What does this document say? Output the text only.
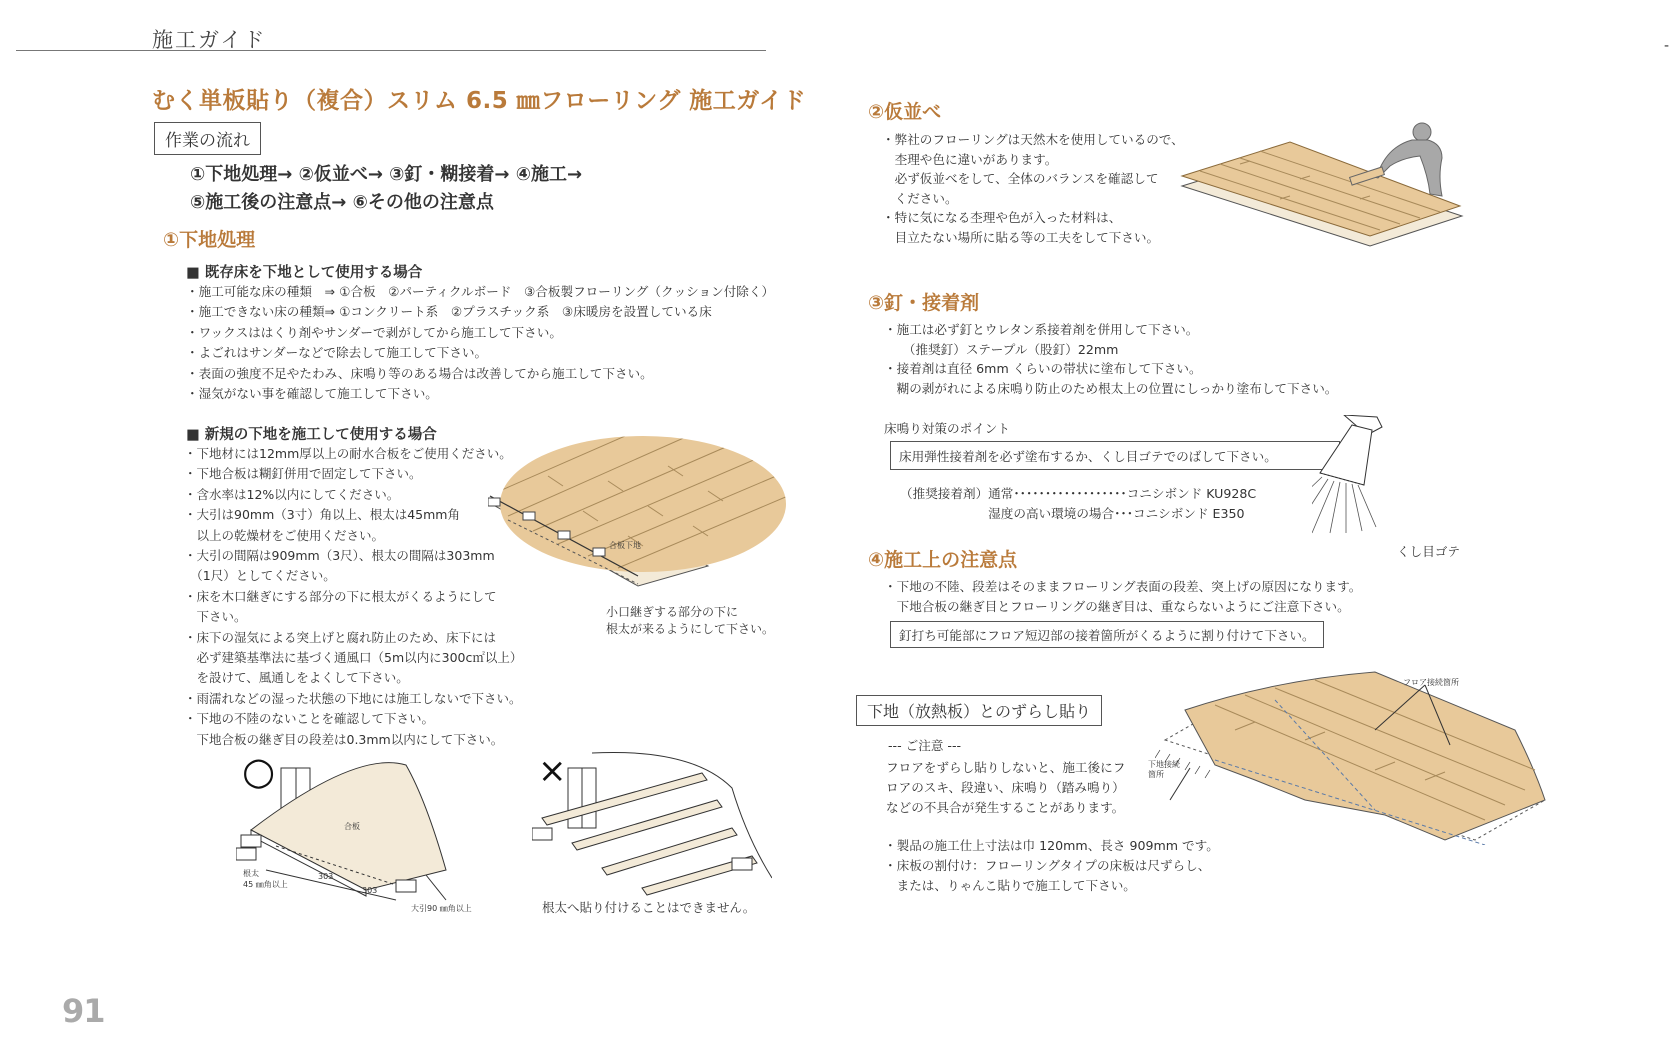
施工ガイド	-
むく単板貼り（複合）スリム 6.5 ㎜フローリング 施工ガイド
作業の流れ
①下地処理→ ②仮並べ→ ③釘・糊接着→ ④施工→
⑤施工後の注意点→ ⑥その他の注意点
①下地処理
■ 既存床を下地として使用する場合
・施工可能な床の種類　⇒ ①合板　②パーティクルボード　③合板製フローリング（クッション付除く）
・施工できない床の種類⇒ ①コンクリート系　②プラスチック系　③床暖房を設置している床
・ワックスははくり剤やサンダーで剥がしてから施工して下さい。
・よごれはサンダーなどで除去して施工して下さい。
・表面の強度不足やたわみ、床鳴り等のある場合は改善してから施工して下さい。
・湿気がない事を確認して施工して下さい。
■ 新規の下地を施工して使用する場合
・下地材には12mm厚以上の耐水合板をご使用ください。
・下地合板は糊釘併用で固定して下さい。
・含水率は12%以内にしてください。
・大引は90mm（3寸）角以上、根太は45mm角
　以上の乾燥材をご使用ください。
・大引の間隔は909mm（3尺）、根太の間隔は303mm
　（1尺）としてください。
・床を木口継ぎにする部分の下に根太がくるようにして
　下さい。
・床下の湿気による突上げと腐れ防止のため、床下には
　必ず建築基準法に基づく通風口（5m以内に300c㎡以上）
　を設けて、風通しをよくして下さい。
・雨濡れなどの湿った状態の下地には施工しないで下さい。
・下地の不陸のないことを確認して下さい。
　下地合板の継ぎ目の段差は0.3mm以内にして下さい。
合板下地
小口継ぎする部分の下に
根太が来るようにして下さい。
○
合板
根太
45 ㎜角以上
303
303
大引90 ㎜角以上
×
根太へ貼り付けることはできません。
②仮並べ
・弊社のフローリングは天然木を使用しているので、
　杢理や色に違いがあります。
　必ず仮並べをして、全体のバランスを確認して
　ください。
・特に気になる杢理や色が入った材料は、
　目立たない場所に貼る等の工夫をして下さい。
③釘・接着剤
・施工は必ず釘とウレタン系接着剤を併用して下さい。
　　（推奨釘）ステープル（股釘）22mm
・接着剤は直径 6mm くらいの帯状に塗布して下さい。
　糊の剥がれによる床鳴り防止のため根太上の位置にしっかり塗布して下さい。
床鳴り対策のポイント
床用弾性接着剤を必ず塗布するか、くし目ゴテでのばして下さい。
（推奨接着剤）通常･･････････････････コニシボンド KU928C
　　　　　　　湿度の高い環境の場合･･･コニシボンド E350
くし目ゴテ
④施工上の注意点
・下地の不陸、段差はそのままフローリング表面の段差、突上げの原因になります。
　下地合板の継ぎ目とフローリングの継ぎ目は、重ならないようにご注意下さい。
釘打ち可能部にフロア短辺部の接着箇所がくるように割り付けて下さい。
下地（放熱板）とのずらし貼り
--- ご注意 ---
フロアをずらし貼りしないと、施工後にフ
ロアのスキ、段違い、床鳴り（踏み鳴り）
などの不具合が発生することがあります。
・製品の施工仕上寸法は巾 120mm、長さ 909mm です。
・床板の割付け：フローリングタイプの床板は尺ずらし、
　または、りゃんこ貼りで施工して下さい。
フロア接続箇所
下地接続
箇所
91
